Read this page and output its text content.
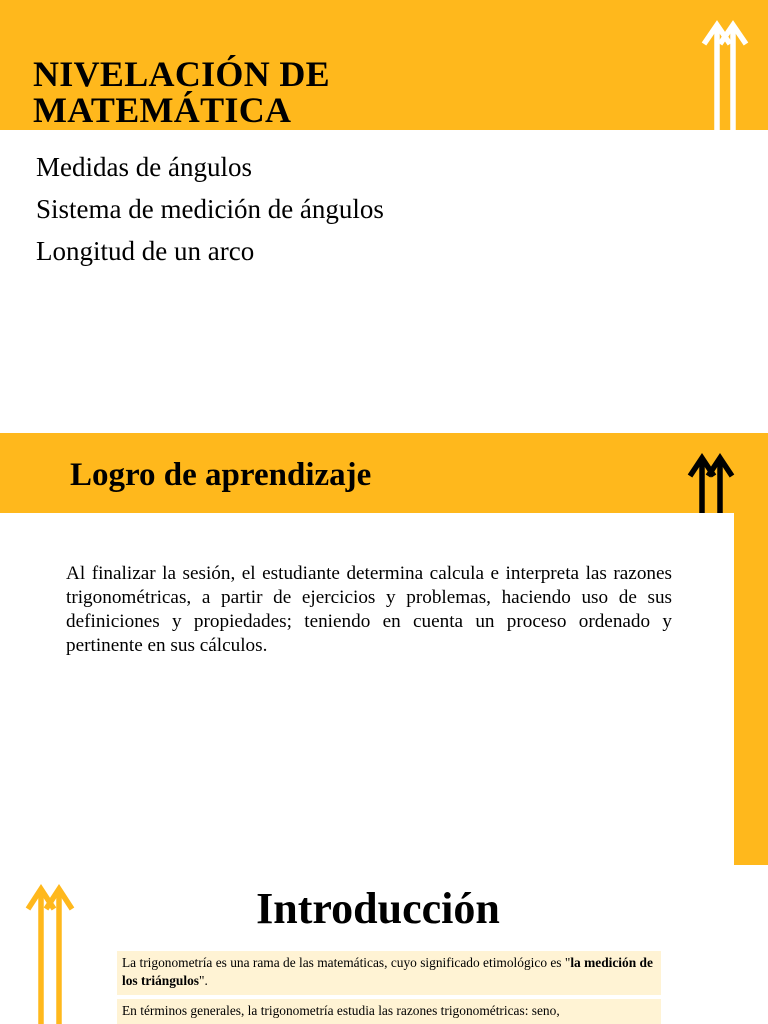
NIVELACIÓN DE
MATEMÁTICA
Medidas de ángulos
Sistema de medición de ángulos
Longitud de un arco
Logro de aprendizaje

Al finalizar la sesión, el estudiante determina calcula e interpreta las razones trigonométricas, a partir de ejercicios y problemas, haciendo uso de sus definiciones y propiedades; teniendo en cuenta un proceso ordenado y pertinente en sus cálculos.

Introducción

La trigonometría es una rama de las matemáticas, cuyo significado etimológico es "la medición de los triángulos".

En términos generales, la trigonometría estudia las razones trigonométricas: seno,
